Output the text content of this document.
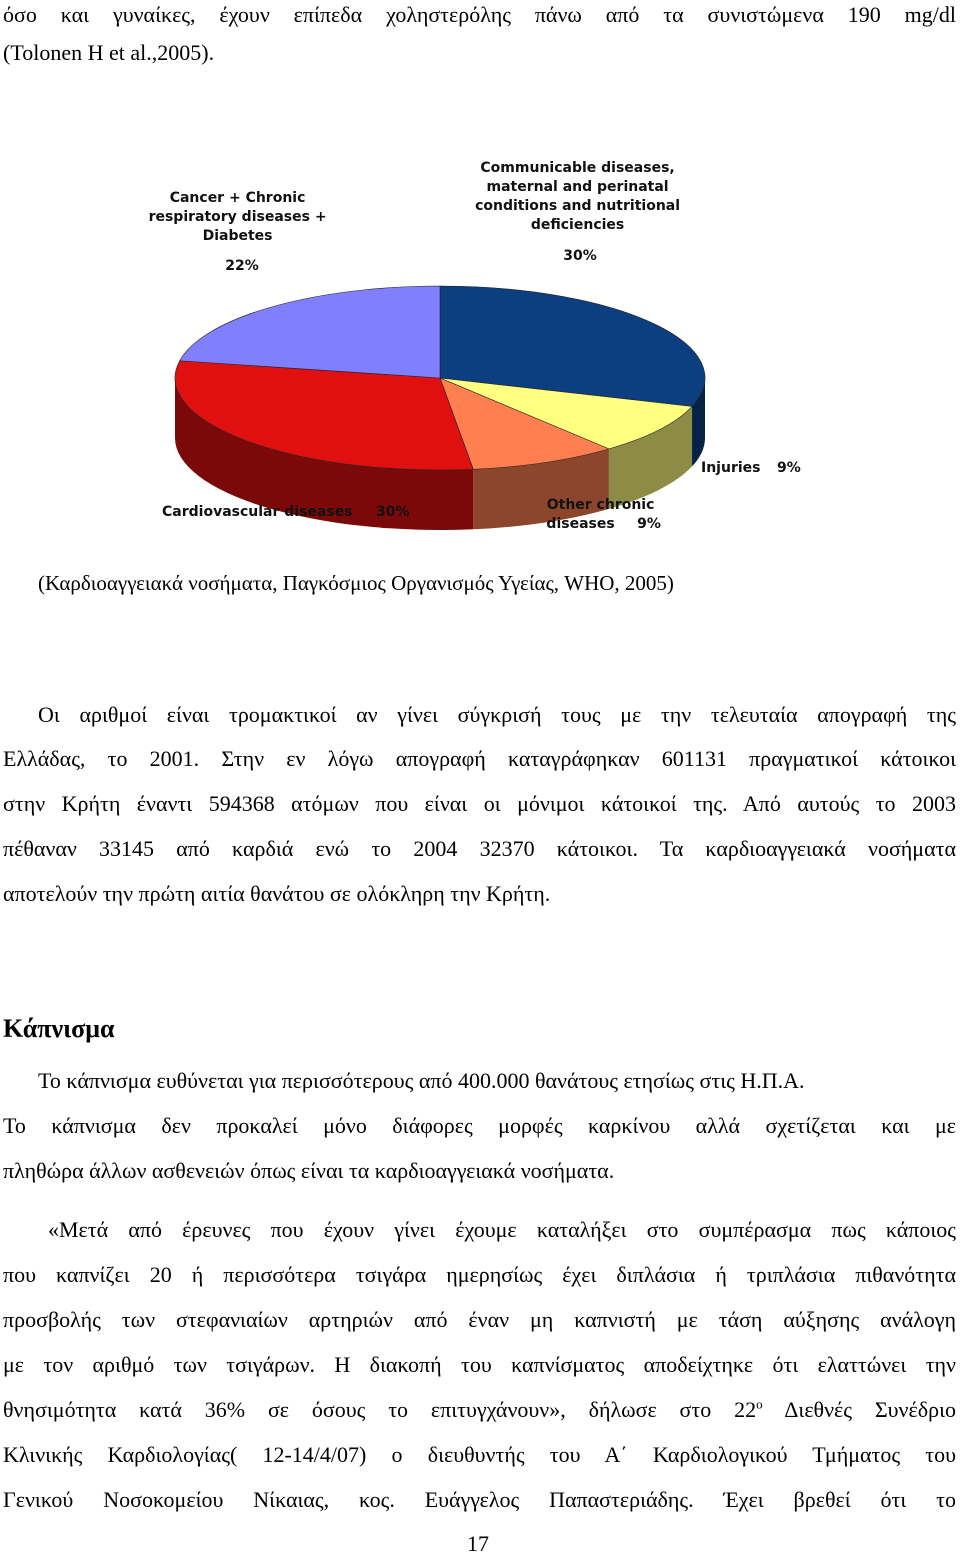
όσο και γυναίκες, έχουν επίπεδα χοληστερόλης πάνω από τα συνιστώμενα 190 mg/dl
(Tolonen H et al.,2005).
Communicable diseases, maternal and perinatal conditions and nutritional deficiencies 30%
Cancer + Chronic respiratory diseases + Diabetes 22%
Injuries 9%
Other chronic diseases 9%
Cardiovascular diseases 30%
(Καρδιοαγγειακά νοσήματα, Παγκόσμιος Οργανισμός Υγείας, WHO, 2005)
Οι αριθμοί είναι τρομακτικοί αν γίνει σύγκρισή τους με την τελευταία απογραφή της
Ελλάδας, το 2001. Στην εν λόγω απογραφή καταγράφηκαν 601131 πραγματικοί κάτοικοι
στην Κρήτη έναντι 594368 ατόμων που είναι οι μόνιμοι κάτοικοί της. Από αυτούς το 2003
πέθαναν 33145 από καρδιά ενώ το 2004 32370 κάτοικοι. Τα καρδιοαγγειακά νοσήματα
αποτελούν την πρώτη αιτία θανάτου σε ολόκληρη την Κρήτη.
Κάπνισμα
Το κάπνισμα ευθύνεται για περισσότερους από 400.000 θανάτους ετησίως στις Η.Π.Α.
Το κάπνισμα δεν προκαλεί μόνο διάφορες μορφές καρκίνου αλλά σχετίζεται και με
πληθώρα άλλων ασθενειών όπως είναι τα καρδιοαγγειακά νοσήματα.
«Μετά από έρευνες που έχουν γίνει έχουμε καταλήξει στο συμπέρασμα πως κάποιος
που καπνίζει 20 ή περισσότερα τσιγάρα ημερησίως έχει διπλάσια ή τριπλάσια πιθανότητα
προσβολής των στεφανιαίων αρτηριών από έναν μη καπνιστή με τάση αύξησης ανάλογη
με τον αριθμό των τσιγάρων. Η διακοπή του καπνίσματος αποδείχτηκε ότι ελαττώνει την
θνησιμότητα κατά 36% σε όσους το επιτυγχάνουν», δήλωσε στο $22^o$ Διεθνές Συνέδριο
Κλινικής Καρδιολογίας( 12-14/4/07) ο διευθυντής του Α΄ Καρδιολογικού Τμήματος του
Γενικού Νοσοκομείου Νίκαιας, κος. Ευάγγελος Παπαστεριάδης. Έχει βρεθεί ότι το
17
